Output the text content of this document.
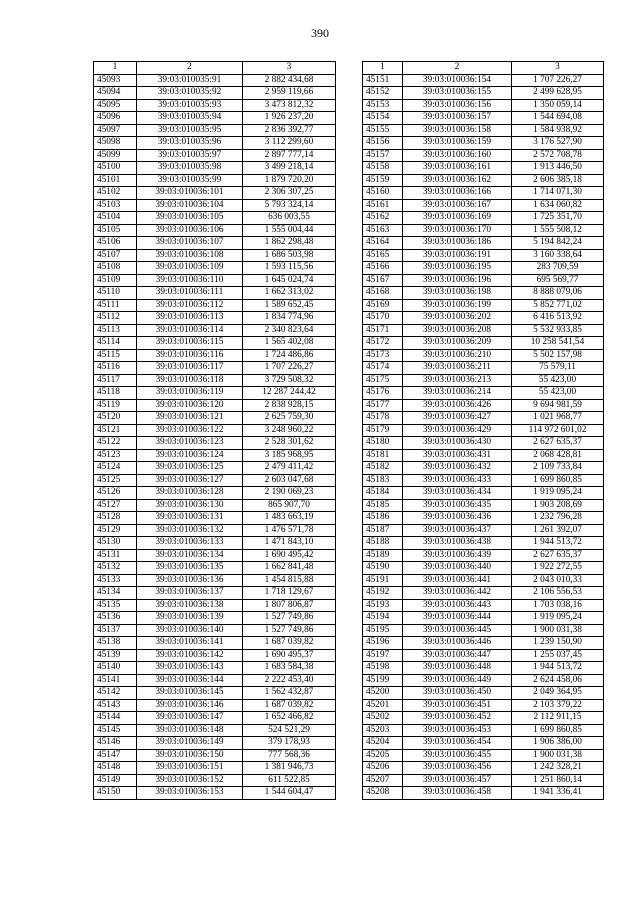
390
1	2	3
45093	39:03:010035:91	2 882 434,68
45094	39:03:010035:92	2 959 119,66
45095	39:03:010035:93	3 473 812,32
45096	39:03:010035:94	1 926 237,20
45097	39:03:010035:95	2 836 392,77
45098	39:03:010035:96	3 112 299,60
45099	39:03:010035:97	2 897 777,14
45100	39:03:010035:98	3 499 218,14
45101	39:03:010035:99	1 879 720,20
45102	39:03:010036:101	2 306 307,25
45103	39:03:010036:104	5 793 324,14
45104	39:03:010036:105	636 003,55
45105	39:03:010036:106	1 555 004,44
45106	39:03:010036:107	1 862 298,48
45107	39:03:010036:108	1 686 503,98
45108	39:03:010036:109	1 593 115,56
45109	39:03:010036:110	1 645 024,74
45110	39:03:010036:111	1 662 313,02
45111	39:03:010036:112	1 589 652,45
45112	39:03:010036:113	1 834 774,96
45113	39:03:010036:114	2 340 823,64
45114	39:03:010036:115	1 565 402,08
45115	39:03:010036:116	1 724 486,86
45116	39:03:010036:117	1 707 226,27
45117	39:03:010036:118	3 729 508,32
45118	39:03:010036:119	12 287 244,42
45119	39:03:010036:120	2 838 928,15
45120	39:03:010036:121	2 625 759,30
45121	39:03:010036:122	3 248 960,22
45122	39:03:010036:123	2 528 301,62
45123	39:03:010036:124	3 185 968,95
45124	39:03:010036:125	2 479 411,42
45125	39:03:010036:127	2 603 047,68
45126	39:03:010036:128	2 190 069,23
45127	39:03:010036:130	865 907,70
45128	39:03:010036:131	1 483 663,19
45129	39:03:010036:132	1 476 571,78
45130	39:03:010036:133	1 471 843,10
45131	39:03:010036:134	1 690 495,42
45132	39:03:010036:135	1 662 841,48
45133	39:03:010036:136	1 454 815,88
45134	39:03:010036:137	1 718 129,67
45135	39:03:010036:138	1 807 806,87
45136	39:03:010036:139	1 527 749,86
45137	39:03:010036:140	1 527 749,86
45138	39:03:010036:141	1 687 039,82
45139	39:03:010036:142	1 690 495,37
45140	39:03:010036:143	1 683 584,38
45141	39:03:010036:144	2 222 453,40
45142	39:03:010036:145	1 562 432,87
45143	39:03:010036:146	1 687 039,82
45144	39:03:010036:147	1 652 466,82
45145	39:03:010036:148	524 521,29
45146	39:03:010036:149	379 178,93
45147	39:03:010036:150	777 568,36
45148	39:03:010036:151	1 381 946,73
45149	39:03:010036:152	611 522,85
45150	39:03:010036:153	1 544 604,47
1	2	3
45151	39:03:010036:154	1 707 226,27
45152	39:03:010036:155	2 499 628,95
45153	39:03:010036:156	1 350 059,14
45154	39:03:010036:157	1 544 694,08
45155	39:03:010036:158	1 584 938,92
45156	39:03:010036:159	3 176 527,90
45157	39:03:010036:160	2 572 708,78
45158	39:03:010036:161	1 913 446,50
45159	39:03:010036:162	2 606 385,18
45160	39:03:010036:166	1 714 071,30
45161	39:03:010036:167	1 634 060,82
45162	39:03:010036:169	1 725 351,70
45163	39:03:010036:170	1 555 508,12
45164	39:03:010036:186	5 194 842,24
45165	39:03:010036:191	3 160 338,64
45166	39:03:010036:195	283 709,59
45167	39:03:010036:196	695 569,77
45168	39:03:010036:198	8 888 079,06
45169	39:03:010036:199	5 852 771,02
45170	39:03:010036:202	6 416 513,92
45171	39:03:010036:208	5 532 933,85
45172	39:03:010036:209	10 258 541,54
45173	39:03:010036:210	5 502 157,98
45174	39:03:010036:211	75 579,11
45175	39:03:010036:213	55 423,00
45176	39:03:010036:214	55 423,00
45177	39:03:010036:426	9 694 981,59
45178	39:03:010036:427	1 021 968,77
45179	39:03:010036:429	114 972 601,02
45180	39:03:010036:430	2 627 635,37
45181	39:03:010036:431	2 068 428,81
45182	39:03:010036:432	2 109 733,84
45183	39:03:010036:433	1 699 860,85
45184	39:03:010036:434	1 919 095,24
45185	39:03:010036:435	1 903 208,69
45186	39:03:010036:436	1 232 796,28
45187	39:03:010036:437	1 261 392,07
45188	39:03:010036:438	1 944 513,72
45189	39:03:010036:439	2 627 635,37
45190	39:03:010036:440	1 922 272,55
45191	39:03:010036:441	2 043 010,33
45192	39:03:010036:442	2 106 556,53
45193	39:03:010036:443	1 703 038,16
45194	39:03:010036:444	1 919 095,24
45195	39:03:010036:445	1 900 031,38
45196	39:03:010036:446	1 239 150,90
45197	39:03:010036:447	1 255 037,45
45198	39:03:010036:448	1 944 513,72
45199	39:03:010036:449	2 624 458,06
45200	39:03:010036:450	2 049 364,95
45201	39:03:010036:451	2 103 379,22
45202	39:03:010036:452	2 112 911,15
45203	39:03:010036:453	1 699 860,85
45204	39:03:010036:454	1 906 386,00
45205	39:03:010036:455	1 900 031,38
45206	39:03:010036:456	1 242 328,21
45207	39:03:010036:457	1 251 860,14
45208	39:03:010036:458	1 941 336,41
